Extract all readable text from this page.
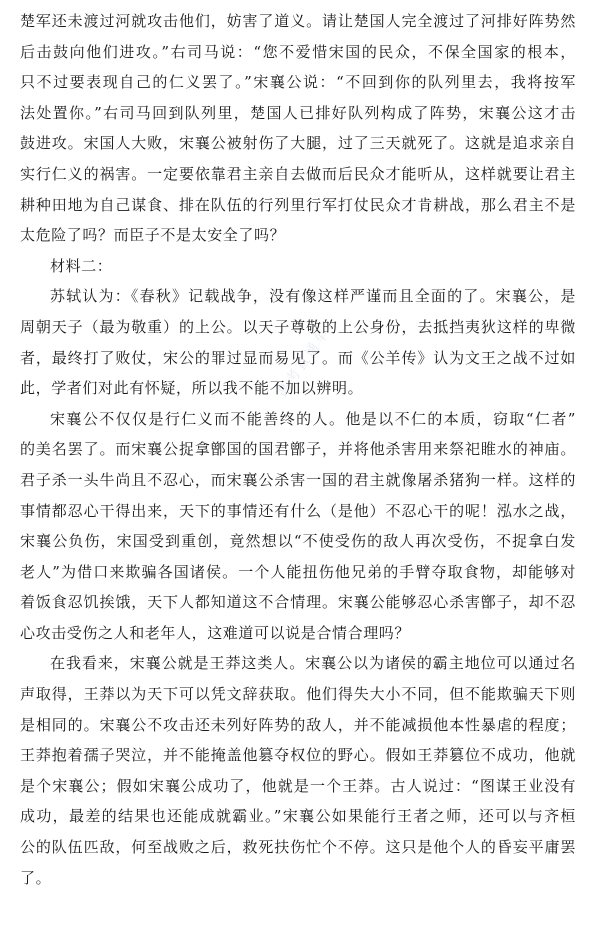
楚军还未渡过河就攻击他们，妨害了道义。请让楚国人完全渡过了河排好阵势然
后击鼓向他们进攻。”右司马说：“您不爱惜宋国的民众，不保全国家的根本，
只不过要表现自己的仁义罢了。”宋襄公说：“不回到你的队列里去，我将按军
法处置你。”右司马回到队列里，楚国人已排好队列构成了阵势，宋襄公这才击
鼓进攻。宋国人大败，宋襄公被射伤了大腿，过了三天就死了。这就是追求亲自
实行仁义的祸害。一定要依靠君主亲自去做而后民众才能听从，这样就要让君主
耕种田地为自己谋食、排在队伍的行列里行军打仗民众才肯耕战，那么君主不是
太危险了吗？而臣子不是太安全了吗？
材料二：
苏轼认为：《春秋》记载战争，没有像这样严谨而且全面的了。宋襄公，是
周朝天子（最为敬重）的上公。以天子尊敬的上公身份，去抵挡夷狄这样的卑微
者，最终打了败仗，宋公的罪过显而易见了。而《公羊传》认为文王之战不过如
此，学者们对此有怀疑，所以我不能不加以辨明。
宋襄公不仅仅是行仁义而不能善终的人。他是以不仁的本质，窃取“仁者”
的美名罢了。而宋襄公捉拿鄫国的国君鄫子，并将他杀害用来祭祀睢水的神庙。
君子杀一头牛尚且不忍心，而宋襄公杀害一国的君主就像屠杀猪狗一样。这样的
事情都忍心干得出来，天下的事情还有什么（是他）不忍心干的呢！泓水之战，
宋襄公负伤，宋国受到重创，竟然想以“不使受伤的敌人再次受伤，不捉拿白发
老人”为借口来欺骗各国诸侯。一个人能扭伤他兄弟的手臂夺取食物，却能够对
着饭食忍饥挨饿，天下人都知道这不合情理。宋襄公能够忍心杀害鄫子，却不忍
心攻击受伤之人和老年人，这难道可以说是合情合理吗？
在我看来，宋襄公就是王莽这类人。宋襄公以为诸侯的霸主地位可以通过名
声取得，王莽以为天下可以凭文辞获取。他们得失大小不同，但不能欺骗天下则
是相同的。宋襄公不攻击还未列好阵势的敌人，并不能减损他本性暴虐的程度；
王莽抱着孺子哭泣，并不能掩盖他篡夺权位的野心。假如王莽篡位不成功，他就
是个宋襄公；假如宋襄公成功了，他就是一个王莽。古人说过：“图谋王业没有
成功，最差的结果也还能成就霸业。”宋襄公如果能行王者之师，还可以与齐桓
公的队伍匹敌，何至战败之后，救死扶伤忙个不停。这只是他个人的昏妄平庸罢
了。
高考直通车
